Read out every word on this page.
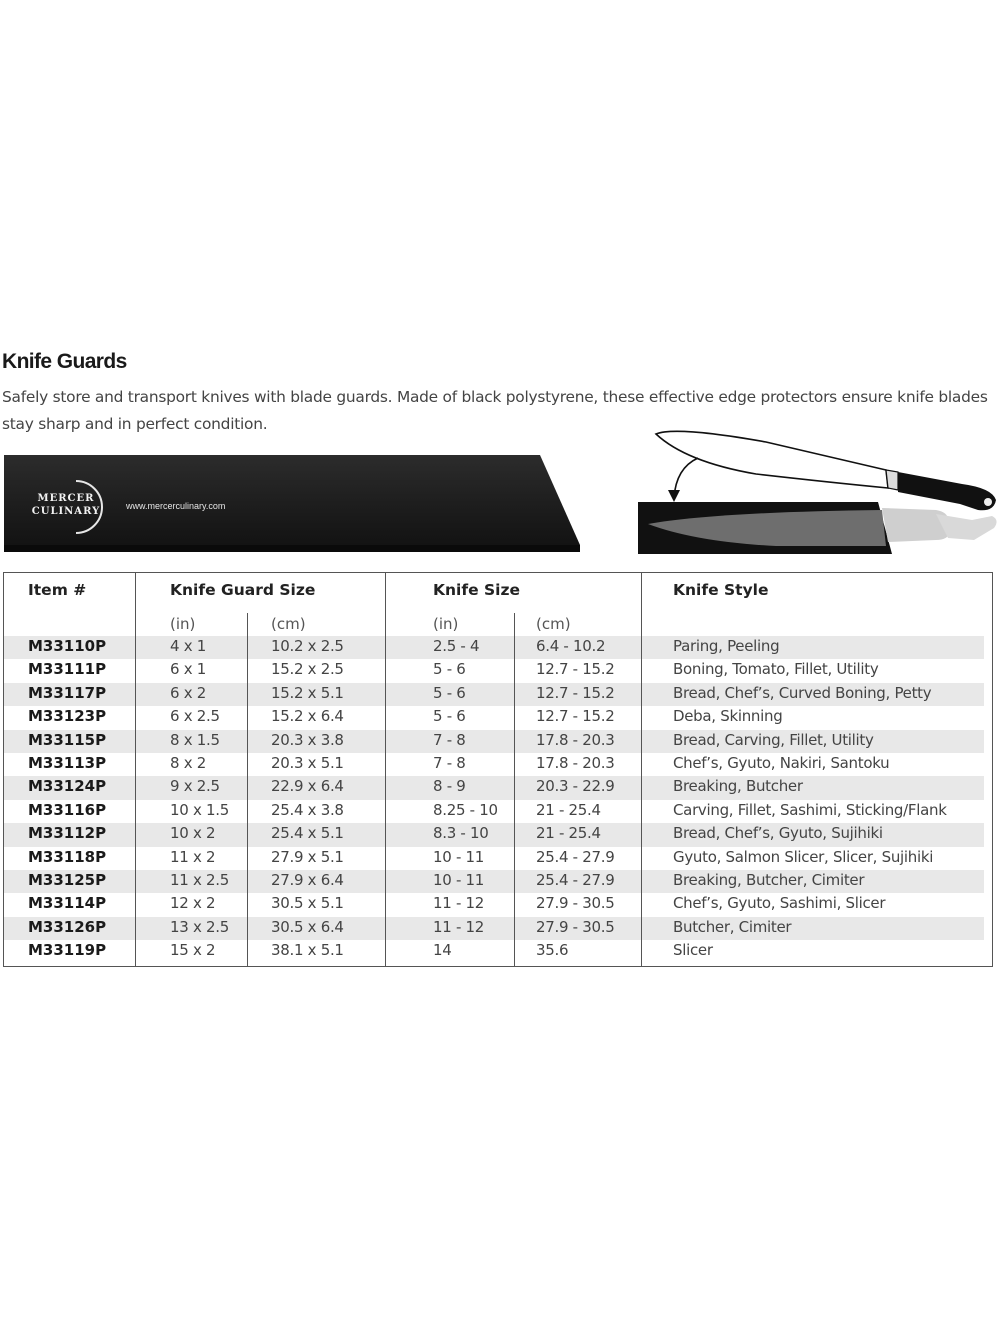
Knife Guards
Safely store and transport knives with blade guards. Made of black polystyrene, these effective edge protectors ensure knife blades stay sharp and in perfect condition.
MERCER
CULINARY	www.mercerculinary.com
M33119P	15 x 2	38.1 x 5.1	14	35.6	Slicer
M33126P	13 x 2.5	30.5 x 6.4	11 - 12	27.9 - 30.5	Butcher, Cimiter
M33114P	12 x 2	30.5 x 5.1	11 - 12	27.9 - 30.5	Chef’s, Gyuto, Sashimi, Slicer
M33125P	11 x 2.5	27.9 x 6.4	10 - 11	25.4 - 27.9	Breaking, Butcher, Cimiter
M33118P	11 x 2	27.9 x 5.1	10 - 11	25.4 - 27.9	Gyuto, Salmon Slicer, Slicer, Sujihiki
M33112P	10 x 2	25.4 x 5.1	8.3 - 10	21 - 25.4	Bread, Chef’s, Gyuto, Sujihiki
M33116P	10 x 1.5	25.4 x 3.8	8.25 - 10	21 - 25.4	Carving, Fillet, Sashimi, Sticking/Flank
M33124P	9 x 2.5	22.9 x 6.4	8 - 9	20.3 - 22.9	Breaking, Butcher
M33113P	8 x 2	20.3 x 5.1	7 - 8	17.8 - 20.3	Chef’s, Gyuto, Nakiri, Santoku
M33115P	8 x 1.5	20.3 x 3.8	7 - 8	17.8 - 20.3	Bread, Carving, Fillet, Utility
M33123P	6 x 2.5	15.2 x 6.4	5 - 6	12.7 - 15.2	Deba, Skinning
M33117P	6 x 2	15.2 x 5.1	5 - 6	12.7 - 15.2	Bread, Chef’s, Curved Boning, Petty
M33111P	6 x 1	15.2 x 2.5	5 - 6	12.7 - 15.2	Boning, Tomato, Fillet, Utility
M33110P	4 x 1	10.2 x 2.5	2.5 - 4	6.4 - 10.2	Paring, Peeling
Item #	Knife Guard Size	Knife Size	Knife Style
(in)	(cm)	(in)	(cm)
